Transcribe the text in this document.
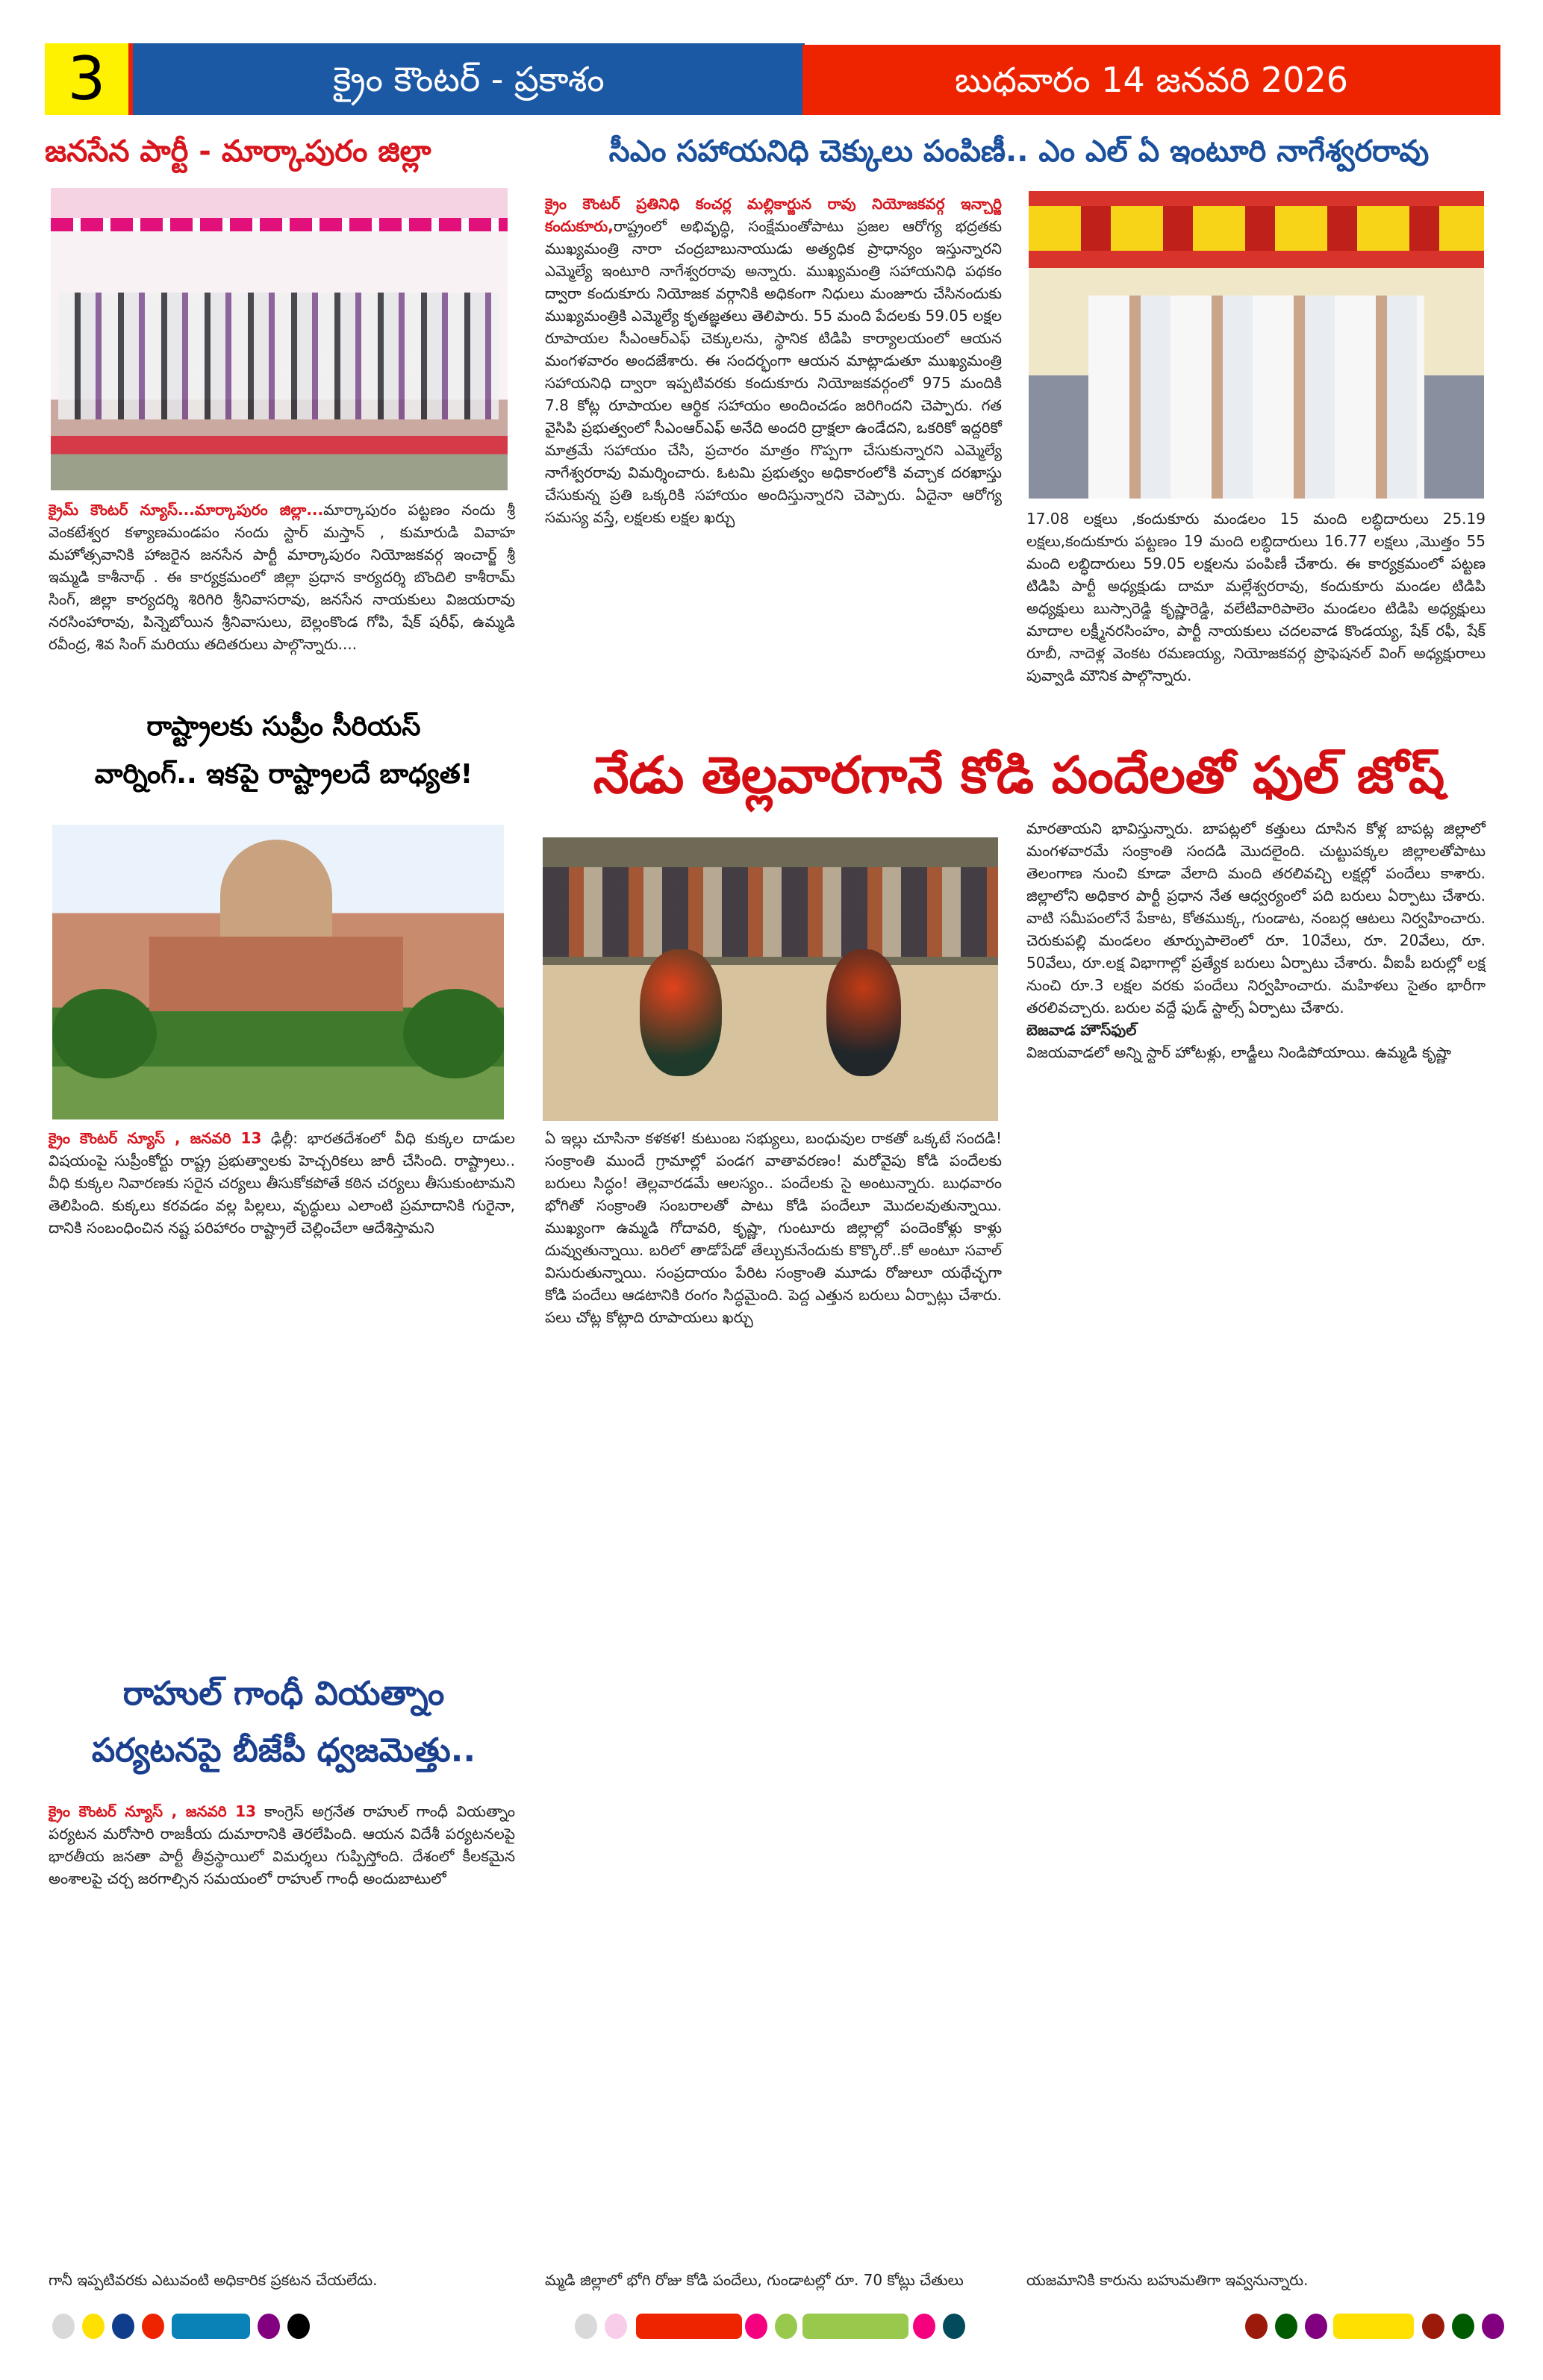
3	క్రైం కౌంటర్ - ప్రకాశం	బుధవారం 14 జనవరి 2026
జనసేన పార్టీ - మార్కాపురం జిల్లా	సీఎం సహాయనిధి చెక్కులు పంపిణీ.. ఎం ఎల్ ఏ ఇంటూరి నాగేశ్వరరావు
క్రైమ్ కౌంటర్ న్యూస్...మార్కాపురం జిల్లా...మార్కాపురం పట్టణం నందు శ్రీ వెంకటేశ్వర కళ్యాణమండపం నందు స్టార్ మస్తాన్ , కుమారుడి వివాహ మహోత్సవానికి హాజరైన జనసేన పార్టీ మార్కాపురం నియోజకవర్గ ఇంచార్జ్ శ్రీ ఇమ్మడి కాశీనాథ్ . ఈ కార్యక్రమంలో జిల్లా ప్రధాన కార్యదర్శి బొందిలి కాశీరామ్ సింగ్, జిల్లా కార్యదర్శి శిరిగిరి శ్రీనివాసరావు, జనసేన నాయకులు విజయరావు నరసింహారావు, పిన్నెబోయిన శ్రీనివాసులు, బెల్లంకొండ గోపి, షేక్ షరీఫ్, ఉమ్మడి రవీంద్ర, శివ సింగ్ మరియు తదితరులు పాల్గొన్నారు....
రాష్ట్రాలకు సుప్రీం సీరియస్
వార్నింగ్.. ఇకపై రాష్ట్రాలదే బాధ్యత!
క్రైం కౌంటర్ న్యూస్ , జనవరి 13 ఢిల్లీ: భారతదేశంలో వీధి కుక్కల దాడుల విషయంపై సుప్రీంకోర్టు రాష్ట్ర ప్రభుత్వాలకు హెచ్చరికలు జారీ చేసింది. రాష్ట్రాలు.. వీధి కుక్కల నివారణకు సరైన చర్యలు తీసుకోకపోతే కఠిన చర్యలు తీసుకుంటామని తెలిపింది. కుక్కలు కరవడం వల్ల పిల్లలు, వృద్ధులు ఎలాంటి ప్రమాదానికి గురైనా, దానికి సంబంధించిన నష్ట పరిహారం రాష్ట్రాలే చెల్లించేలా ఆదేశిస్తామని
రాహుల్ గాంధీ వియత్నాం
పర్యటనపై బీజేపీ ధ్వజమెత్తు..
క్రైం కౌంటర్ న్యూస్ , జనవరి 13 కాంగ్రెస్ అగ్రనేత రాహుల్ గాంధీ వియత్నాం పర్యటన మరోసారి రాజకీయ దుమారానికి తెరలేపింది. ఆయన విదేశీ పర్యటనలపై భారతీయ జనతా పార్టీ తీవ్రస్థాయిలో విమర్శలు గుప్పిస్తోంది. దేశంలో కీలకమైన అంశాలపై చర్చ జరగాల్సిన సమయంలో రాహుల్ గాంధీ అందుబాటులో
గానీ ఇప్పటివరకు ఎటువంటి అధికారిక ప్రకటన చేయలేదు.
క్రైం కౌంటర్ ప్రతినిధి కంచర్ల మల్లికార్జున రావు నియోజకవర్గ ఇన్చార్జి కందుకూరు,రాష్ట్రంలో అభివృద్ధి, సంక్షేమంతోపాటు ప్రజల ఆరోగ్య భద్రతకు ముఖ్యమంత్రి నారా చంద్రబాబునాయుడు అత్యధిక ప్రాధాన్యం ఇస్తున్నారని ఎమ్మెల్యే ఇంటూరి నాగేశ్వరరావు అన్నారు. ముఖ్యమంత్రి సహాయనిధి పథకం ద్వారా కందుకూరు నియోజక వర్గానికి అధికంగా నిధులు మంజూరు చేసినందుకు ముఖ్యమంత్రికి ఎమ్మెల్యే కృతజ్ఞతలు తెలిపారు. 55 మంది పేదలకు 59.05 లక్షల రూపాయల సీఎంఆర్ఎఫ్ చెక్కులను, స్థానిక టిడిపి కార్యాలయంలో ఆయన మంగళవారం అందజేశారు. ఈ సందర్భంగా ఆయన మాట్లాడుతూ ముఖ్యమంత్రి సహాయనిధి ద్వారా ఇప్పటివరకు కందుకూరు నియోజకవర్గంలో 975 మందికి 7.8 కోట్ల రూపాయల ఆర్థిక సహాయం అందించడం జరిగిందని చెప్పారు. గత వైసిపి ప్రభుత్వంలో సీఎంఆర్ఎఫ్ అనేది అందరి ద్రాక్షలా ఉండేదని, ఒకరికో ఇద్దరికో మాత్రమే సహాయం చేసి, ప్రచారం మాత్రం గొప్పగా చేసుకున్నారని ఎమ్మెల్యే నాగేశ్వరరావు విమర్శించారు. ఓటమి ప్రభుత్వం అధికారంలోకి వచ్చాక దరఖాస్తు చేసుకున్న ప్రతి ఒక్కరికి సహాయం అందిస్తున్నారని చెప్పారు. ఏదైనా ఆరోగ్య సమస్య వస్తే, లక్షలకు లక్షల ఖర్చు
నేడు తెల్లవారగానే కోడి పందేలతో ఫుల్ జోష్
ఏ ఇల్లు చూసినా కళకళ! కుటుంబ సభ్యులు, బంధువుల రాకతో ఒక్కటే సందడి! సంక్రాంతి ముందే గ్రామాల్లో పండగ వాతావరణం! మరోవైపు కోడి పందేలకు బరులు సిద్ధం! తెల్లవారడమే ఆలస్యం.. పందేలకు సై అంటున్నారు. బుధవారం భోగితో సంక్రాంతి సంబరాలతో పాటు కోడి పందేలూ మొదలవుతున్నాయి. ముఖ్యంగా ఉమ్మడి గోదావరి, కృష్ణా, గుంటూరు జిల్లాల్లో పందెంకోళ్లు కాళ్లు దువ్వుతున్నాయి. బరిలో తాడోపేడో తేల్చుకునేందుకు కొక్కొరో..కో అంటూ సవాల్ విసురుతున్నాయి. సంప్రదాయం పేరిట సంక్రాంతి మూడు రోజులూ యథేచ్ఛగా కోడి పందేలు ఆడటానికి రంగం సిద్ధమైంది. పెద్ద ఎత్తున బరులు ఏర్పాట్లు చేశారు. పలు చోట్ల కోట్లాది రూపాయలు ఖర్చు
మ్మడి జిల్లాలో భోగి రోజు కోడి పందేలు, గుండాటల్లో రూ. 70 కోట్లు చేతులు
17.08 లక్షలు ,కందుకూరు మండలం 15 మంది లబ్ధిదారులు 25.19 లక్షలు,కందుకూరు పట్టణం 19 మంది లబ్ధిదారులు 16.77 లక్షలు ,మొత్తం 55 మంది లబ్ధిదారులు 59.05 లక్షలను పంపిణీ చేశారు. ఈ కార్యక్రమంలో పట్టణ టిడిపి పార్టీ అధ్యక్షుడు దామా మల్లేశ్వరరావు, కందుకూరు మండల టిడిపి అధ్యక్షులు బుస్సారెడ్డి కృష్ణారెడ్డి, వలేటివారిపాలెం మండలం టిడిపి అధ్యక్షులు మాదాల లక్ష్మీనరసింహం, పార్టీ నాయకులు చదలవాడ కొండయ్య, షేక్ రఫీ, షేక్ రూబీ, నాదెళ్ల వెంకట రమణయ్య, నియోజకవర్గ ప్రొఫెషనల్ వింగ్ అధ్యక్షురాలు పువ్వాడి మౌనిక పాల్గొన్నారు.
మారతాయని భావిస్తున్నారు. బాపట్లలో కత్తులు దూసిన కోళ్ల బాపట్ల జిల్లాలో మంగళవారమే సంక్రాంతి సందడి మొదలైంది. చుట్టుపక్కల జిల్లాలతోపాటు తెలంగాణ నుంచి కూడా వేలాది మంది తరలివచ్చి లక్షల్లో పందేలు కాశారు. జిల్లాలోని అధికార పార్టీ ప్రధాన నేత ఆధ్వర్యంలో పది బరులు ఏర్పాటు చేశారు. వాటి సమీపంలోనే పేకాట, కోతముక్క, గుండాట, నంబర్ల ఆటలు నిర్వహించారు. చెరుకుపల్లి మండలం తూర్పుపాలెంలో రూ. 10వేలు, రూ. 20వేలు, రూ. 50వేలు, రూ.లక్ష విభాగాల్లో ప్రత్యేక బరులు ఏర్పాటు చేశారు. వీఐపీ బరుల్లో లక్ష నుంచి రూ.3 లక్షల వరకు పందేలు నిర్వహించారు. మహిళలు సైతం భారీగా తరలివచ్చారు. బరుల వద్దే ఫుడ్ స్టాల్స్ ఏర్పాటు చేశారు.
బెజవాడ హౌస్‌ఫుల్
విజయవాడలో అన్ని స్టార్ హోటళ్లు, లాడ్జీలు నిండిపోయాయి. ఉమ్మడి కృష్ణా
యజమానికి కారును బహుమతిగా ఇవ్వనున్నారు.
